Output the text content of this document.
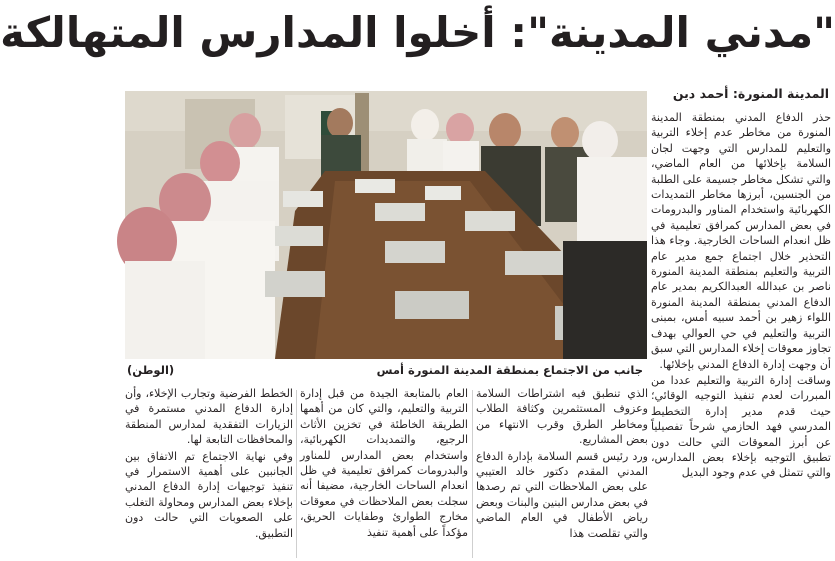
"مدني المدينة": أخلوا المدارس المتهالكة
المدينة المنورة: أحمد دين
جانب من الاجتماع بمنطقة المدينة المنورة أمس
(الوطن)

حذر الدفاع المدني بمنطقة المدينة المنورة من مخاطر عدم إخلاء التربية والتعليم للمدارس التي وجهت لجان السلامة بإخلائها من العام الماضي، والتي تشكل مخاطر جسيمة على الطلبة من الجنسين، أبرزها مخاطر التمديدات الكهربائية واستخدام المناور والبدرومات في بعض المدارس كمرافق تعليمية في ظل انعدام الساحات الخارجية. وجاء هذا التحذير خلال اجتماع جمع مدير عام التربية والتعليم بمنطقة المدينة المنورة ناصر بن عبدالله العبدالكريم بمدير عام الدفاع المدني بمنطقة المدينة المنورة اللواء زهير بن أحمد سبيه أمس، بمبنى التربية والتعليم في حي العوالي بهدف تجاوز معوقات إخلاء المدارس التي سبق أن وجهت إدارة الدفاع المدني بإخلائها.

وساقت إدارة التربية والتعليم عددا من المبررات لعدم تنفيذ التوجيه الوقائي؛ حيث قدم مدير إدارة التخطيط المدرسي فهد الحازمي شرحاً تفصيلياً عن أبرز المعوقات التي حالت دون تطبيق التوجيه بإخلاء بعض المدارس، والتي تتمثل في عدم وجود البديل

الذي تنطبق فيه اشتراطات السلامة وعزوف المستثمرين وكثافة الطلاب ومخاطر الطرق وقرب الانتهاء من بعض المشاريع.

ورد رئيس قسم السلامة بإدارة الدفاع المدني المقدم دكتور خالد العتيبي على بعض الملاحظات التي تم رصدها في بعض مدارس البنين والبنات وبعض رياض الأطفال في العام الماضي والتي تقلصت هذا

العام بالمتابعة الجيدة من قبل إدارة التربية والتعليم، والتي كان من أهمها الطريقة الخاطئة في تخزين الأثاث الرجيع، والتمديدات الكهربائية، واستخدام بعض المدارس للمناور والبدرومات كمرافق تعليمية في ظل انعدام الساحات الخارجية، مضيفا أنه سجلت بعض الملاحظات في معوقات مخارج الطوارئ وطفايات الحريق، مؤكداً على أهمية تنفيذ

الخطط الفرضية وتجارب الإخلاء، وأن إدارة الدفاع المدني مستمرة في الزيارات التفقدية لمدارس المنطقة والمحافظات التابعة لها.

وفي نهاية الاجتماع تم الاتفاق بين الجانبين على أهمية الاستمرار في تنفيذ توجيهات إدارة الدفاع المدني بإخلاء بعض المدارس ومحاولة التغلب على الصعوبات التي حالت دون التطبيق.
